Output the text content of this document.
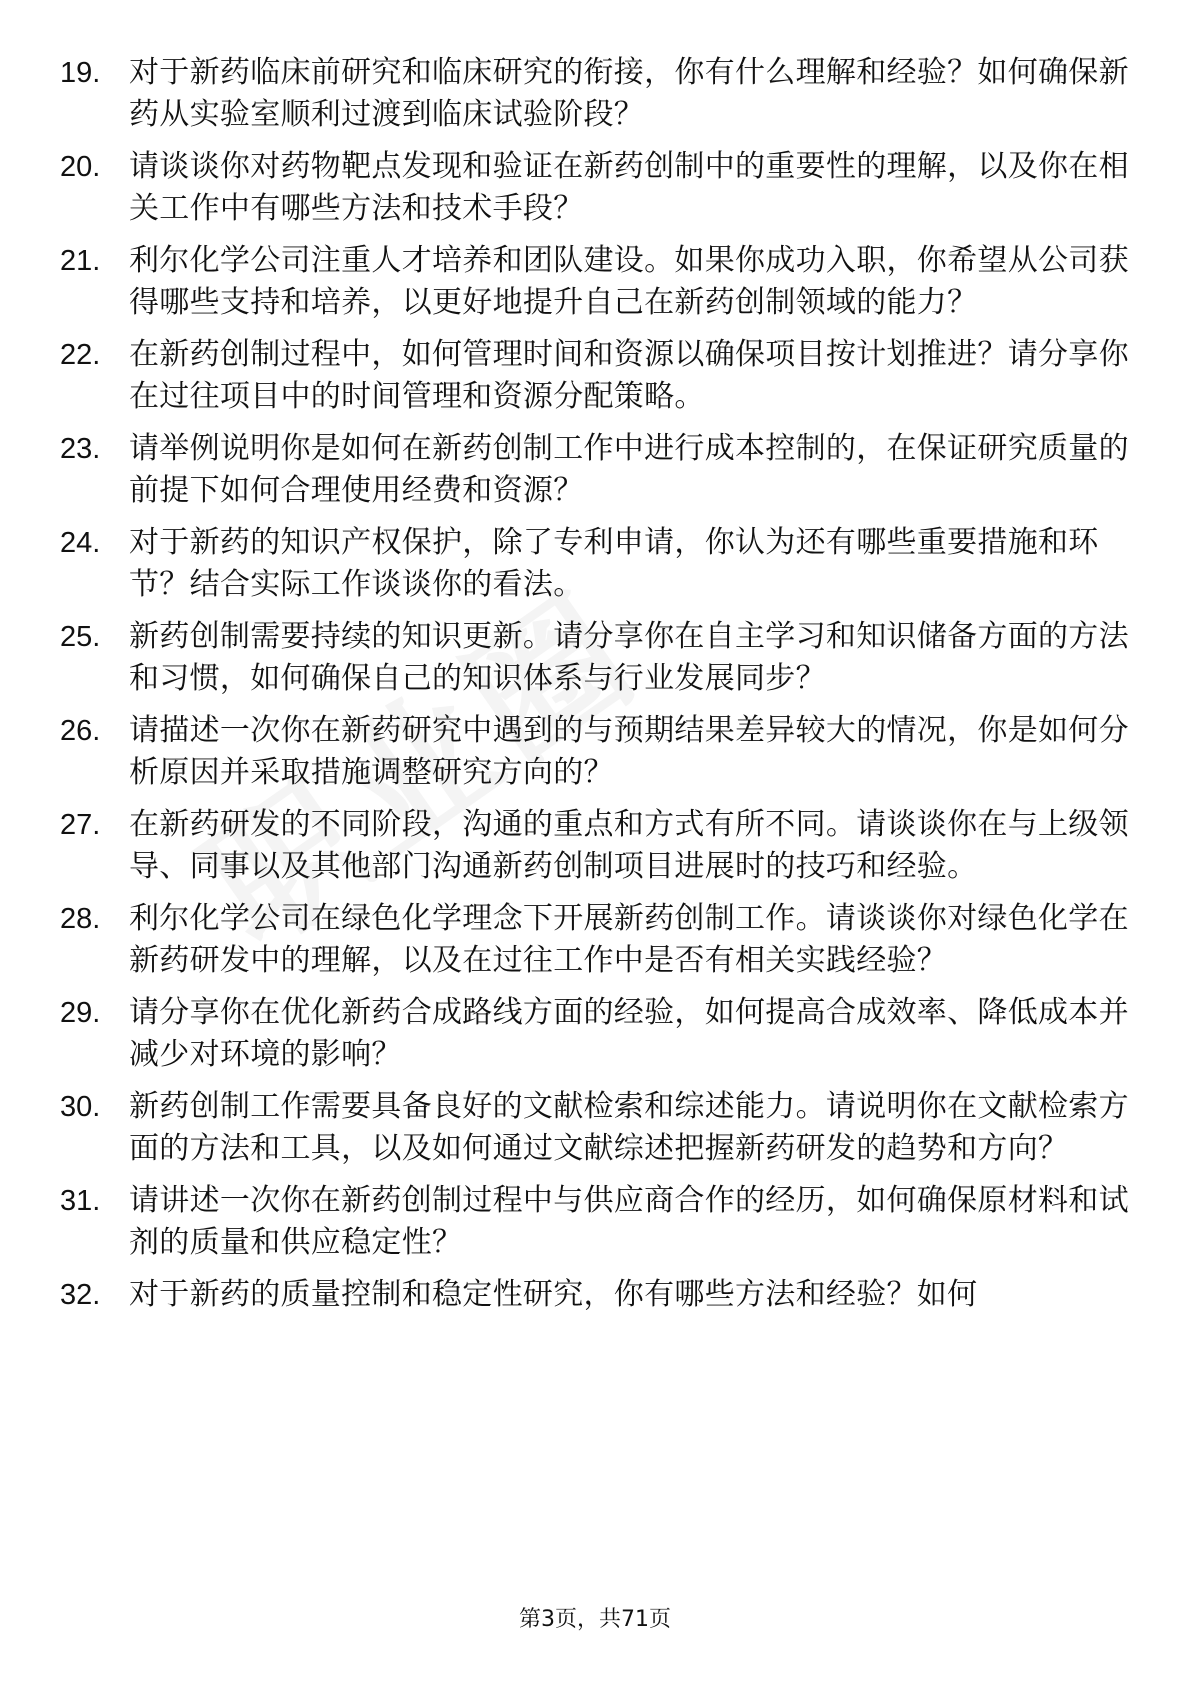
19. 对于新药临床前研究和临床研究的衔接，你有什么理解和经验？如何确保新药从实验室顺利过渡到临床试验阶段？
20. 请谈谈你对药物靶点发现和验证在新药创制中的重要性的理解，以及你在相关工作中有哪些方法和技术手段？
21. 利尔化学公司注重人才培养和团队建设。如果你成功入职，你希望从公司获得哪些支持和培养，以更好地提升自己在新药创制领域的能力？
22. 在新药创制过程中，如何管理时间和资源以确保项目按计划推进？请分享你在过往项目中的时间管理和资源分配策略。
23. 请举例说明你是如何在新药创制工作中进行成本控制的，在保证研究质量的前提下如何合理使用经费和资源？
24. 对于新药的知识产权保护，除了专利申请，你认为还有哪些重要措施和环节？结合实际工作谈谈你的看法。
25. 新药创制需要持续的知识更新。请分享你在自主学习和知识储备方面的方法和习惯，如何确保自己的知识体系与行业发展同步？
26. 请描述一次你在新药研究中遇到的与预期结果差异较大的情况，你是如何分析原因并采取措施调整研究方向的？
27. 在新药研发的不同阶段，沟通的重点和方式有所不同。请谈谈你在与上级领导、同事以及其他部门沟通新药创制项目进展时的技巧和经验。
28. 利尔化学公司在绿色化学理念下开展新药创制工作。请谈谈你对绿色化学在新药研发中的理解，以及在过往工作中是否有相关实践经验？
29. 请分享你在优化新药合成路线方面的经验，如何提高合成效率、降低成本并减少对环境的影响？
30. 新药创制工作需要具备良好的文献检索和综述能力。请说明你在文献检索方面的方法和工具，以及如何通过文献综述把握新药研发的趋势和方向？
31. 请讲述一次你在新药创制过程中与供应商合作的经历，如何确保原材料和试剂的质量和供应稳定性？
32. 对于新药的质量控制和稳定性研究，你有哪些方法和经验？如何
第3页，共71页
